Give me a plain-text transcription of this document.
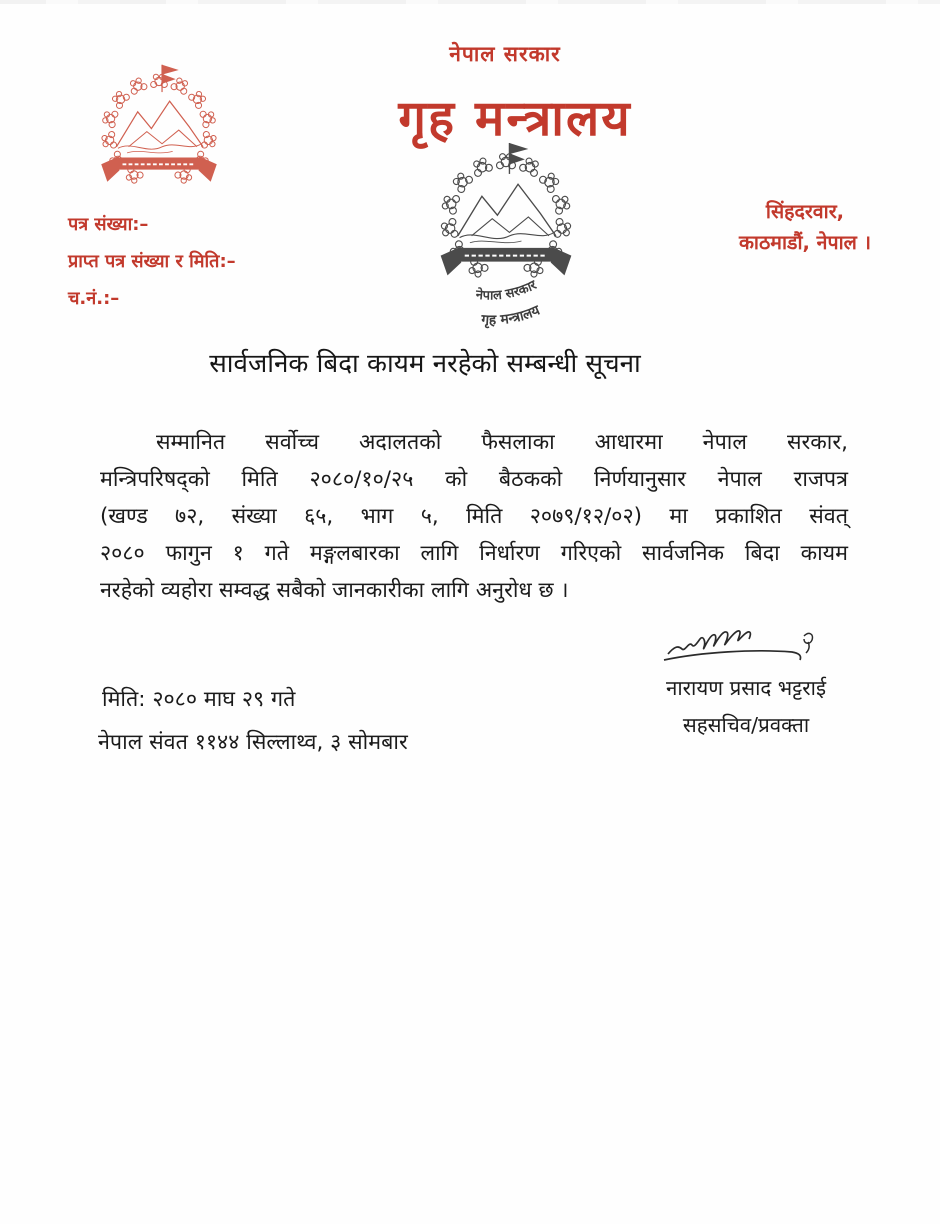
नेपाल सरकार
गृह मन्त्रालय
नेपाल सरकार
गृह मन्त्रालय
पत्र संख्या:–
प्राप्त पत्र संख्या र मिति:–
च.नं.:–
सिंहदरवार,
काठमाडौं, नेपाल ।
सार्वजनिक बिदा कायम नरहेको सम्बन्धी सूचना
सम्मानित सर्वोच्च अदालतको फैसलाका आधारमा नेपाल सरकार,
मन्त्रिपरिषद्को मिति २०८०/१०/२५ को बैठकको निर्णयानुसार नेपाल राजपत्र
(खण्ड ७२, संख्या ६५, भाग ५, मिति २०७९/१२/०२) मा प्रकाशित संवत्
२०८० फागुन १ गते मङ्गलबारका लागि निर्धारण गरिएको सार्वजनिक बिदा कायम
नरहेको व्यहोरा सम्वद्ध सबैको जानकारीका लागि अनुरोध छ ।
नारायण प्रसाद भट्टराई
सहसचिव/प्रवक्ता
मिति: २०८० माघ २९ गते
नेपाल संवत ११४४ सिल्लाथ्व, ३ सोमबार
